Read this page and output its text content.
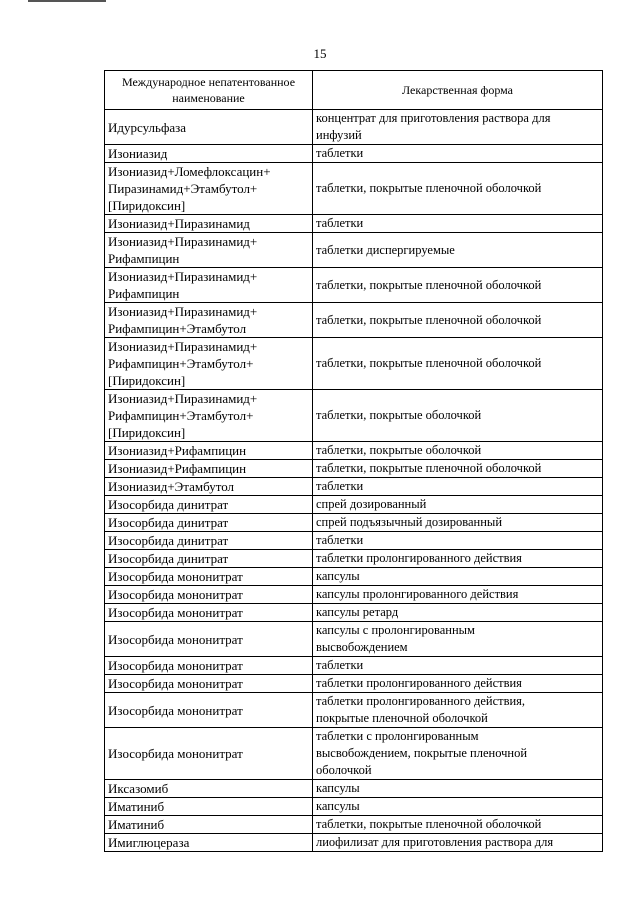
15
Международное непатентованное наименование	Лекарственная форма
Идурсульфаза	концентрат для приготовления раствора для
инфузий
Изониазид	таблетки
Изониазид+Ломефлоксацин+
Пиразинамид+Этамбутол+
[Пиридоксин]	таблетки, покрытые пленочной оболочкой
Изониазид+Пиразинамид	таблетки
Изониазид+Пиразинамид+
Рифампицин	таблетки диспергируемые
Изониазид+Пиразинамид+
Рифампицин	таблетки, покрытые пленочной оболочкой
Изониазид+Пиразинамид+
Рифампицин+Этамбутол	таблетки, покрытые пленочной оболочкой
Изониазид+Пиразинамид+
Рифампицин+Этамбутол+
[Пиридоксин]	таблетки, покрытые пленочной оболочкой
Изониазид+Пиразинамид+
Рифампицин+Этамбутол+
[Пиридоксин]	таблетки, покрытые оболочкой
Изониазид+Рифампицин	таблетки, покрытые оболочкой
Изониазид+Рифампицин	таблетки, покрытые пленочной оболочкой
Изониазид+Этамбутол	таблетки
Изосорбида динитрат	спрей дозированный
Изосорбида динитрат	спрей подъязычный дозированный
Изосорбида динитрат	таблетки
Изосорбида динитрат	таблетки пролонгированного действия
Изосорбида мононитрат	капсулы
Изосорбида мононитрат	капсулы пролонгированного действия
Изосорбида мононитрат	капсулы ретард
Изосорбида мононитрат	капсулы с пролонгированным
высвобождением
Изосорбида мононитрат	таблетки
Изосорбида мононитрат	таблетки пролонгированного действия
Изосорбида мононитрат	таблетки пролонгированного действия,
покрытые пленочной оболочкой
Изосорбида мононитрат	таблетки с пролонгированным
высвобождением, покрытые пленочной
оболочкой
Иксазомиб	капсулы
Иматиниб	капсулы
Иматиниб	таблетки, покрытые пленочной оболочкой
Имиглюцераза	лиофилизат для приготовления раствора для
